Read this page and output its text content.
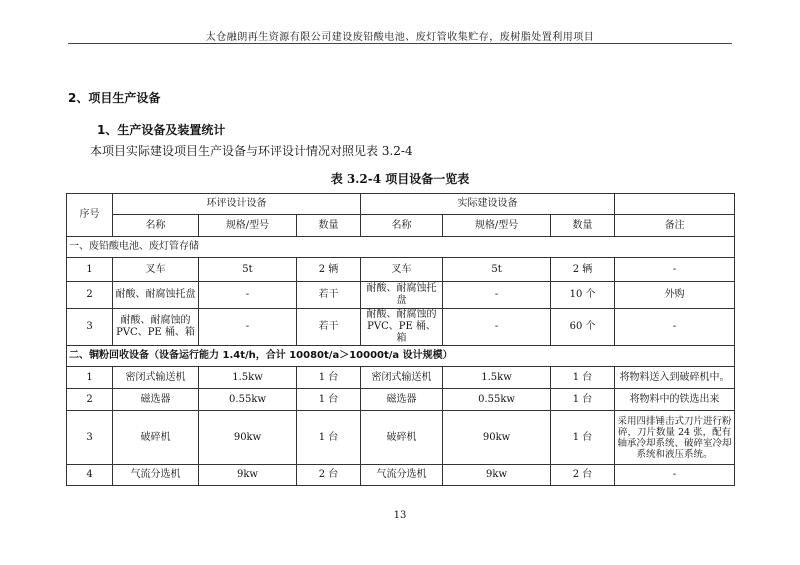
太仓融朗再生资源有限公司建设废铅酸电池、废灯管收集贮存，废树脂处置利用项目
2、项目生产设备
1、生产设备及装置统计
本项目实际建设项目生产设备与环评设计情况对照见表 3.2-4
表 3.2-4 项目设备一览表
序号	环评设计设备			实际建设设备			
	名称	规格/型号	数量	名称	规格/型号	数量	备注
一、废铅酸电池、废灯管存储							
1	叉车	5t	2 辆	叉车	5t	2 辆	-
2	耐酸、耐腐蚀托盘	-	若干	耐酸、耐腐蚀托盘	-	10 个	外购
3	耐酸、耐腐蚀的 PVC、PE 桶、箱	-	若干	耐酸、耐腐蚀的 PVC、PE 桶、箱	-	60 个	-
二、铜粉回收设备（设备运行能力 1.4t/h，合计 10080t/a＞10000t/a 设计规模）							
1	密闭式输送机	1.5kw	1 台	密闭式输送机	1.5kw	1 台	将物料送入到破碎机中。
2	磁选器	0.55kw	1 台	磁选器	0.55kw	1 台	将物料中的铁选出来
3	破碎机	90kw	1 台	破碎机	90kw	1 台	采用四排锤击式刀片进行粉碎，刀片数量 24 张，配有轴承冷却系统、破碎室冷却系统和液压系统。
4	气流分选机	9kw	2 台	气流分选机	9kw	2 台	-
13
